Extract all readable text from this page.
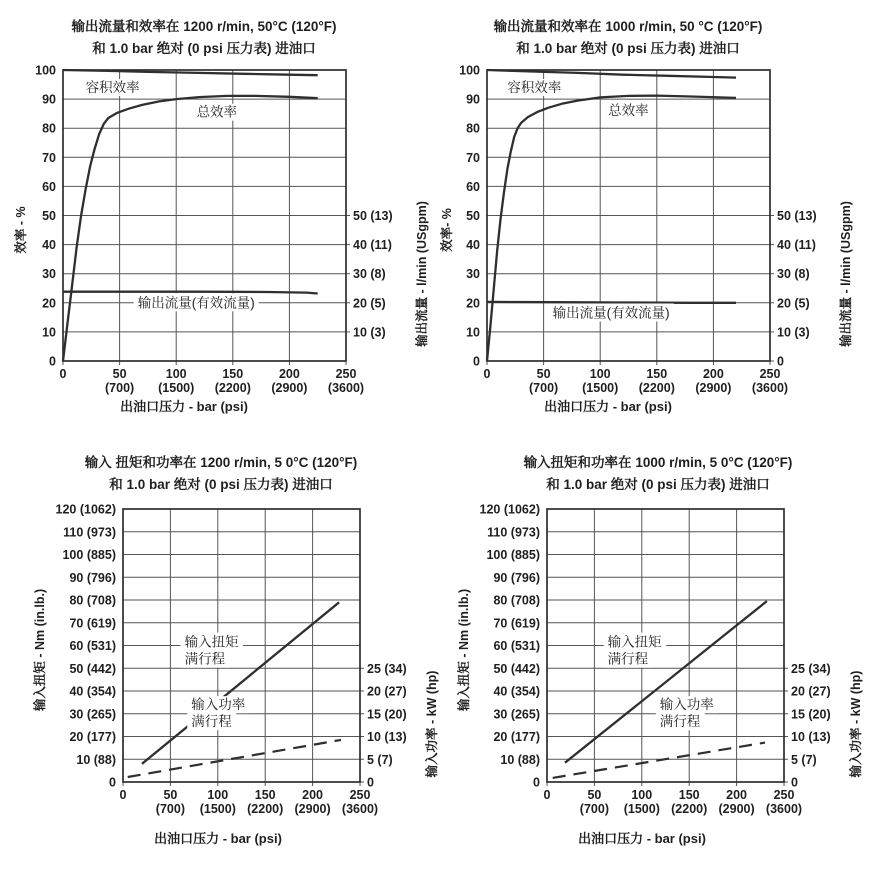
0
10
20
30
40
50
60
70
80
90
100
10 (3)
20 (5)
30 (8)
40 (11)
50 (13)
0	50
(700)
100
(1500)
150
(2200)
200
(2900)
250
(3600)
容积效率
总效率
输出流量(有效流量)
0
10
20
30
40
50
60
70
80
90
100
0
10 (3)
20 (5)
30 (8)
40 (11)
50 (13)
0	50
(700)
100
(1500)
150
(2200)
200
(2900)
250
(3600)
容积效率
总效率
输出流量(有效流量)
0
10 (88)
20 (177)
30 (265)
40 (354)
50 (442)
60 (531)
70 (619)
80 (708)
90 (796)
100 (885)
110 (973)
120 (1062)
0
5 (7)
10 (13)
15 (20)
20 (27)
25 (34)
0	50
(700)
100
(1500)
150
(2200)
200
(2900)
250
(3600)
输入扭矩
满行程
输入功率
满行程
0
10 (88)
20 (177)
30 (265)
40 (354)
50 (442)
60 (531)
70 (619)
80 (708)
90 (796)
100 (885)
110 (973)
120 (1062)
0
5 (7)
10 (13)
15 (20)
20 (27)
25 (34)
0	50
(700)
100
(1500)
150
(2200)
200
(2900)
250
(3600)
输入扭矩
满行程
输入功率
满行程
输出流量和效率在 1200 r/min, 50°C (120°F)
和 1.0 bar 绝对 (0 psi 压力表) 进油口
出油口压力 - bar (psi)
效率 - %	输出流量 - l/min (USgpm)
输出流量和效率在 1000 r/min, 50 °C (120°F)
和 1.0 bar 绝对 (0 psi 压力表) 进油口
出油口压力 - bar (psi)
效率- %	输出流量 - l/min (USgpm)
输入 扭矩和功率在 1200 r/min, 5 0°C (120°F)
和 1.0 bar 绝对 (0 psi 压力表) 进油口
出油口压力 - bar (psi)
输入扭矩 - Nm (in.lb.)
输入功率 - kW (hp)
输入扭矩和功率在 1000 r/min, 5 0°C (120°F)
和 1.0 bar 绝对 (0 psi 压力表) 进油口
出油口压力 - bar (psi)
输入扭矩 - Nm (in.lb.)
输入功率 - kW (hp)
